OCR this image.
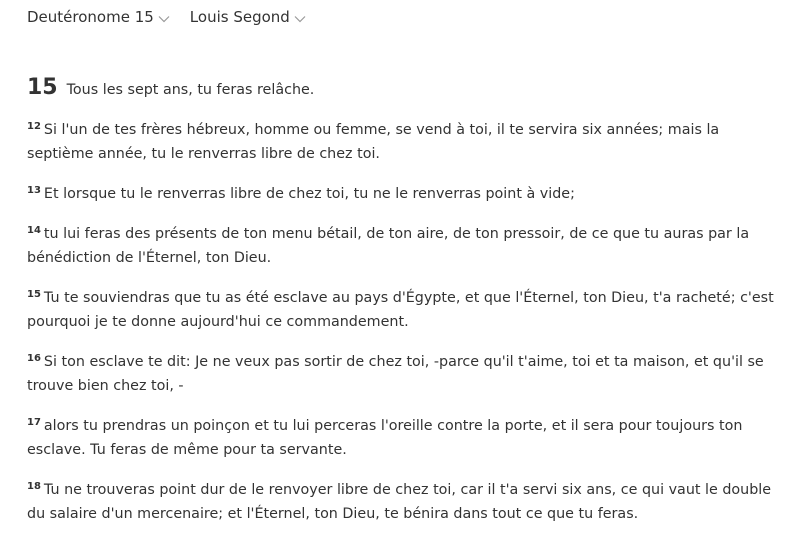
Deutéronome 15 Louis Segond
15 Tous les sept ans, tu feras relâche.
$^{12}$ Si l'un de tes frères hébreux, homme ou femme, se vend à toi, il te servira six années; mais la septième année, tu le renverras libre de chez toi.
$^{13}$ Et lorsque tu le renverras libre de chez toi, tu ne le renverras point à vide;
$^{14}$ tu lui feras des présents de ton menu bétail, de ton aire, de ton pressoir, de ce que tu auras par la bénédiction de l'Éternel, ton Dieu.
$^{15}$ Tu te souviendras que tu as été esclave au pays d'Égypte, et que l'Éternel, ton Dieu, t'a racheté; c'est pourquoi je te donne aujourd'hui ce commandement.
$^{16}$ Si ton esclave te dit: Je ne veux pas sortir de chez toi, -parce qu'il t'aime, toi et ta maison, et qu'il se trouve bien chez toi, -
$^{17}$ alors tu prendras un poinçon et tu lui perceras l'oreille contre la porte, et il sera pour toujours ton esclave. Tu feras de même pour ta servante.
$^{18}$ Tu ne trouveras point dur de le renvoyer libre de chez toi, car il t'a servi six ans, ce qui vaut le double du salaire d'un mercenaire; et l'Éternel, ton Dieu, te bénira dans tout ce que tu feras.
